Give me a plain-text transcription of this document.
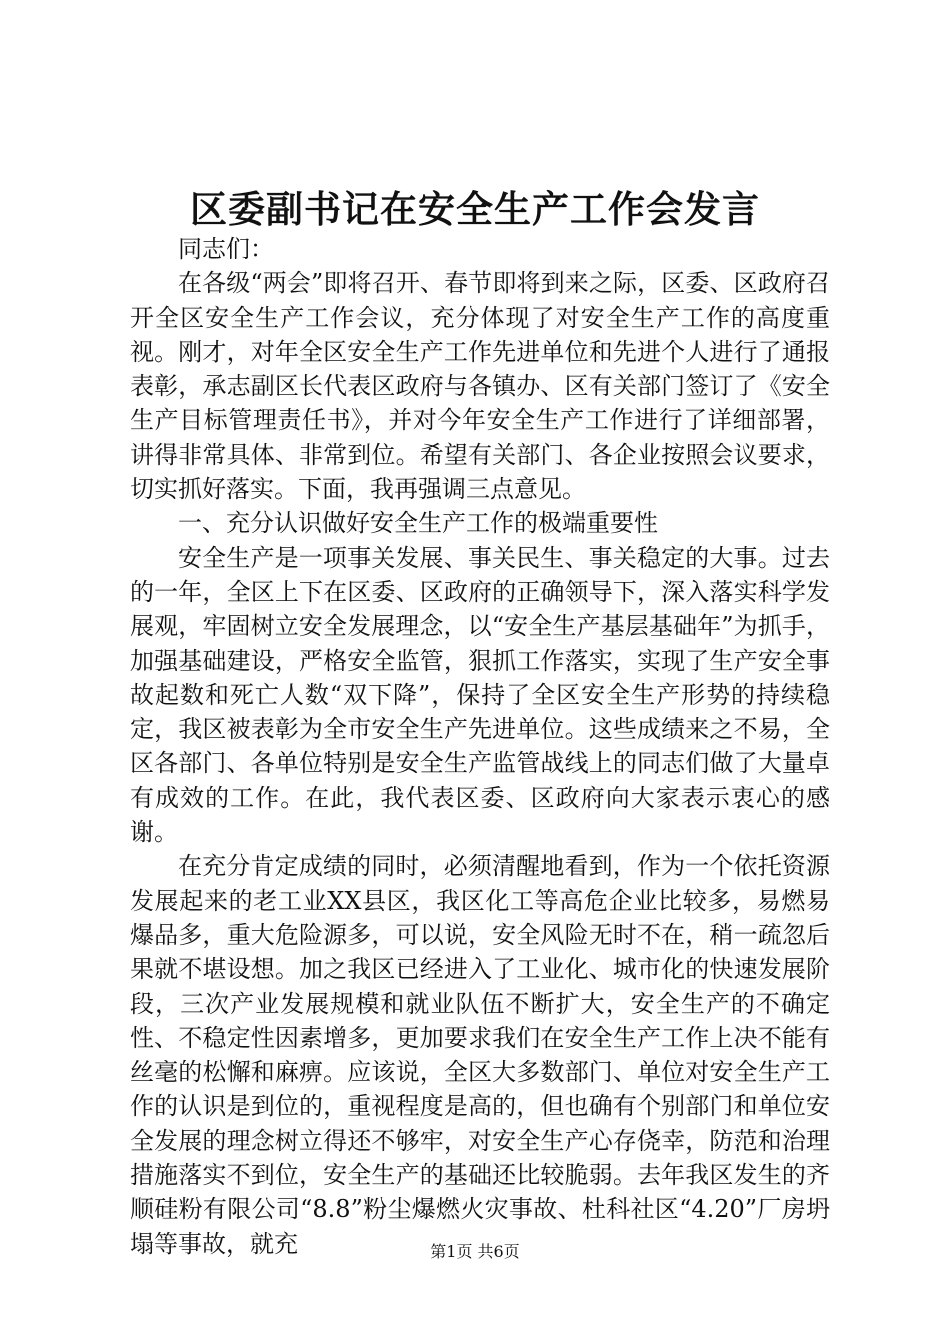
区委副书记在安全生产工作会发言

同志们：

在各级“两会”即将召开、春节即将到来之际，区委、区政府召开全区安全生产工作会议，充分体现了对安全生产工作的高度重视。刚才，对年全区安全生产工作先进单位和先进个人进行了通报表彰，承志副区长代表区政府与各镇办、区有关部门签订了《安全生产目标管理责任书》，并对今年安全生产工作进行了详细部署，讲得非常具体、非常到位。希望有关部门、各企业按照会议要求，切实抓好落实。下面，我再强调三点意见。

一、充分认识做好安全生产工作的极端重要性

安全生产是一项事关发展、事关民生、事关稳定的大事。过去的一年，全区上下在区委、区政府的正确领导下，深入落实科学发展观，牢固树立安全发展理念，以“安全生产基层基础年”为抓手，加强基础建设，严格安全监管，狠抓工作落实，实现了生产安全事故起数和死亡人数“双下降”，保持了全区安全生产形势的持续稳定，我区被表彰为全市安全生产先进单位。这些成绩来之不易，全区各部门、各单位特别是安全生产监管战线上的同志们做了大量卓有成效的工作。在此，我代表区委、区政府向大家表示衷心的感谢。

在充分肯定成绩的同时，必须清醒地看到，作为一个依托资源发展起来的老工业XX县区，我区化工等高危企业比较多，易燃易爆品多，重大危险源多，可以说，安全风险无时不在，稍一疏忽后果就不堪设想。加之我区已经进入了工业化、城市化的快速发展阶段，三次产业发展规模和就业队伍不断扩大，安全生产的不确定性、不稳定性因素增多，更加要求我们在安全生产工作上决不能有丝毫的松懈和麻痹。应该说，全区大多数部门、单位对安全生产工作的认识是到位的，重视程度是高的，但也确有个别部门和单位安全发展的理念树立得还不够牢，对安全生产心存侥幸，防范和治理措施落实不到位，安全生产的基础还比较脆弱。去年我区发生的齐顺硅粉有限公司“8.8”粉尘爆燃火灾事故、杜科社区“4.20”厂房坍塌等事故，就充	第1页 共6页
